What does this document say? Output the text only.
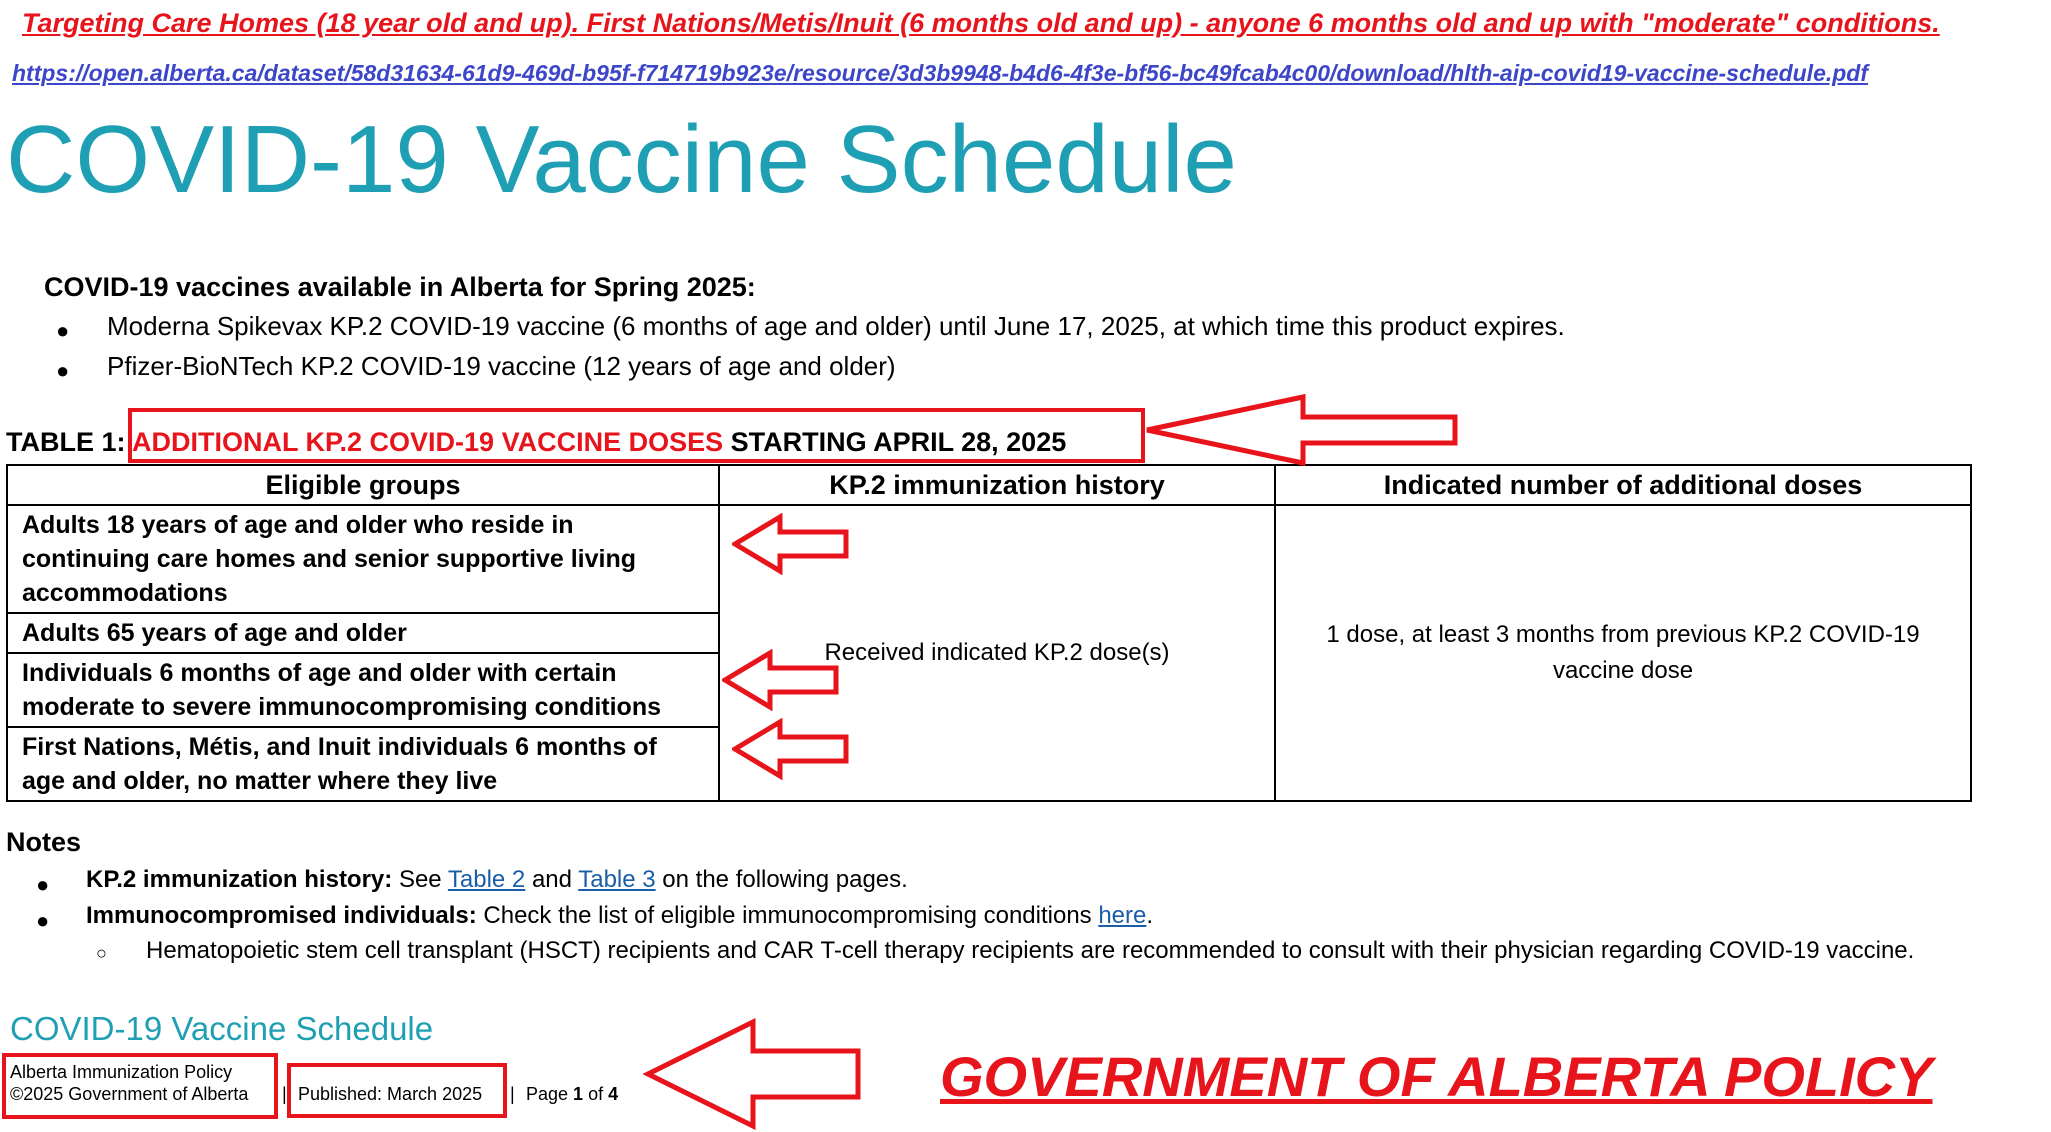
Targeting Care Homes (18 year old and up). First Nations/Metis/Inuit (6 months old and up) - anyone 6 months old and up with "moderate" conditions.
https://open.alberta.ca/dataset/58d31634-61d9-469d-b95f-f714719b923e/resource/3d3b9948-b4d6-4f3e-bf56-bc49fcab4c00/download/hlth-aip-covid19-vaccine-schedule.pdf
COVID-19 Vaccine Schedule
COVID-19 vaccines available in Alberta for Spring 2025:
● Moderna Spikevax KP.2 COVID-19 vaccine (6 months of age and older) until June 17, 2025, at which time this product expires.
● Pfizer-BioNTech KP.2 COVID-19 vaccine (12 years of age and older)
TABLE 1: ADDITIONAL KP.2 COVID-19 VACCINE DOSES STARTING APRIL 28, 2025
Eligible groups	KP.2 immunization history	Indicated number of additional doses
Adults 18 years of age and older who reside in continuing care homes and senior supportive living accommodations	Received indicated KP.2 dose(s)	1 dose, at least 3 months from previous KP.2 COVID-19 vaccine dose
Adults 65 years of age and older		
Individuals 6 months of age and older with certain moderate to severe immunocompromising conditions		
First Nations, Métis, and Inuit individuals 6 months of age and older, no matter where they live		
Notes
● KP.2 immunization history: See Table 2 and Table 3 on the following pages.
● Immunocompromised individuals: Check the list of eligible immunocompromising conditions here.
○ Hematopoietic stem cell transplant (HSCT) recipients and CAR T-cell therapy recipients are recommended to consult with their physician regarding COVID-19 vaccine.
COVID-19 Vaccine Schedule
Alberta Immunization Policy
©2025 Government of Alberta | Published: March 2025 | Page 1 of 4	GOVERNMENT OF ALBERTA POLICY
